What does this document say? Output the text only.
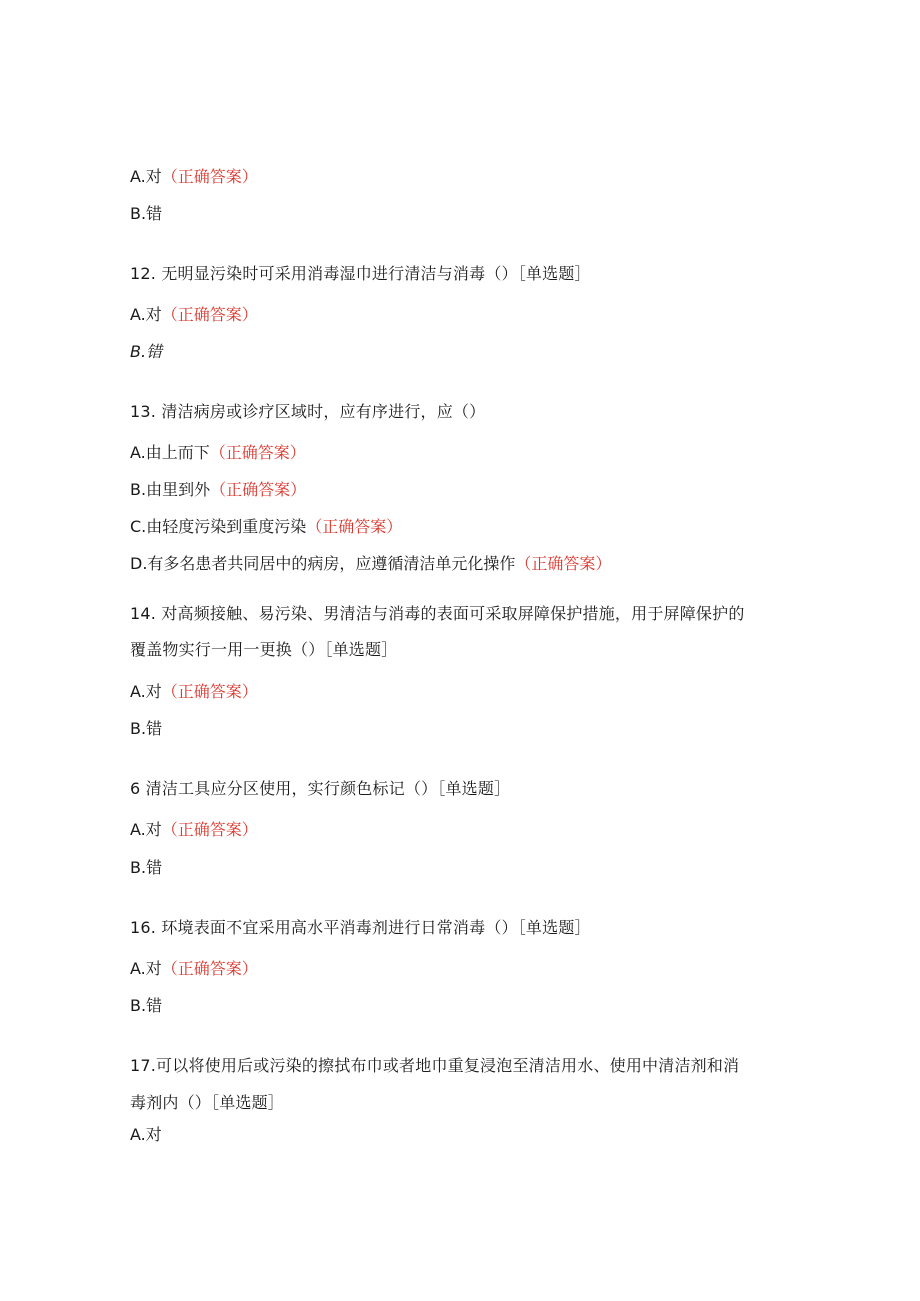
A.对（正确答案）
B.错
12. 无明显污染时可采用消毒湿巾进行清洁与消毒（）［单选题］
A.对（正确答案）
B.错
13. 清洁病房或诊疗区域时，应有序进行，应（）
A.由上而下（正确答案）
B.由里到外（正确答案）
C.由轻度污染到重度污染（正确答案）
D.有多名患者共同居中的病房，应遵循清洁单元化操作（正确答案）
14. 对高频接触、易污染、男清洁与消毒的表面可采取屏障保护措施，用于屏障保护的
覆盖物实行一用一更换（）［单选题］
A.对（正确答案）
B.错
6 清洁工具应分区使用，实行颜色标记（）［单选题］
A.对（正确答案）
B.错
16. 环境表面不宜采用高水平消毒剂进行日常消毒（）［单选题］
A.对（正确答案）
B.错
17.可以将使用后或污染的擦拭布巾或者地巾重复浸泡至清洁用水、使用中清洁剂和消
毒剂内（）［单选题］
A.对
